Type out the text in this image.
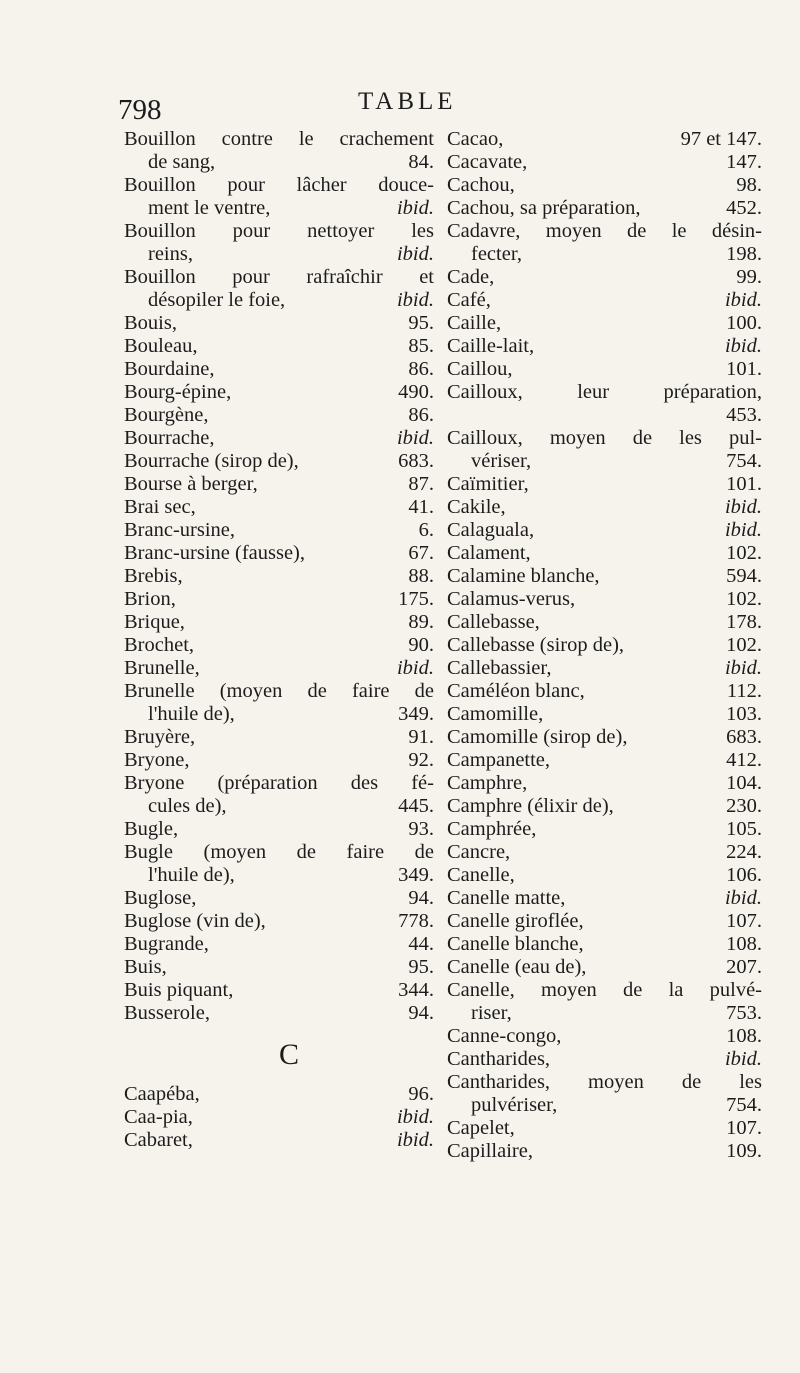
798	TABLE
Bouillon contre le crachement
de sang,	84.
Bouillon pour lâcher douce-
ment le ventre,	ibid.
Bouillon pour nettoyer les
reins,	ibid.
Bouillon pour rafraîchir et
désopiler le foie,	ibid.
Bouis,	95.
Bouleau,	85.
Bourdaine,	86.
Bourg-épine,	490.
Bourgène,	86.
Bourrache,	ibid.
Bourrache (sirop de),	683.
Bourse à berger,	87.
Brai sec,	41.
Branc-ursine,	6.
Branc-ursine (fausse),	67.
Brebis,	88.
Brion,	175.
Brique,	89.
Brochet,	90.
Brunelle,	ibid.
Brunelle (moyen de faire de
l'huile de),	349.
Bruyère,	91.
Bryone,	92.
Bryone (préparation des fé-
cules de),	445.
Bugle,	93.
Bugle (moyen de faire de
l'huile de),	349.
Buglose,	94.
Buglose (vin de),	778.
Bugrande,	44.
Buis,	95.
Buis piquant,	344.
Busserole,	94.
C
Caapéba,	96.
Caa-pia,	ibid.
Cabaret,	ibid.
Cacao,	97 et 147.
Cacavate,	147.
Cachou,	98.
Cachou, sa préparation,	452.
Cadavre, moyen de le désin-
fecter,	198.
Cade,	99.
Café,	ibid.
Caille,	100.
Caille-lait,	ibid.
Caillou,	101.
Cailloux, leur préparation,
453.
Cailloux, moyen de les pul-
vériser,	754.
Caïmitier,	101.
Cakile,	ibid.
Calaguala,	ibid.
Calament,	102.
Calamine blanche,	594.
Calamus-verus,	102.
Callebasse,	178.
Callebasse (sirop de),	102.
Callebassier,	ibid.
Caméléon blanc,	112.
Camomille,	103.
Camomille (sirop de),	683.
Campanette,	412.
Camphre,	104.
Camphre (élixir de),	230.
Camphrée,	105.
Cancre,	224.
Canelle,	106.
Canelle matte,	ibid.
Canelle giroflée,	107.
Canelle blanche,	108.
Canelle (eau de),	207.
Canelle, moyen de la pulvé-
riser,	753.
Canne-congo,	108.
Cantharides,	ibid.
Cantharides, moyen de les
pulvériser,	754.
Capelet,	107.
Capillaire,	109.
